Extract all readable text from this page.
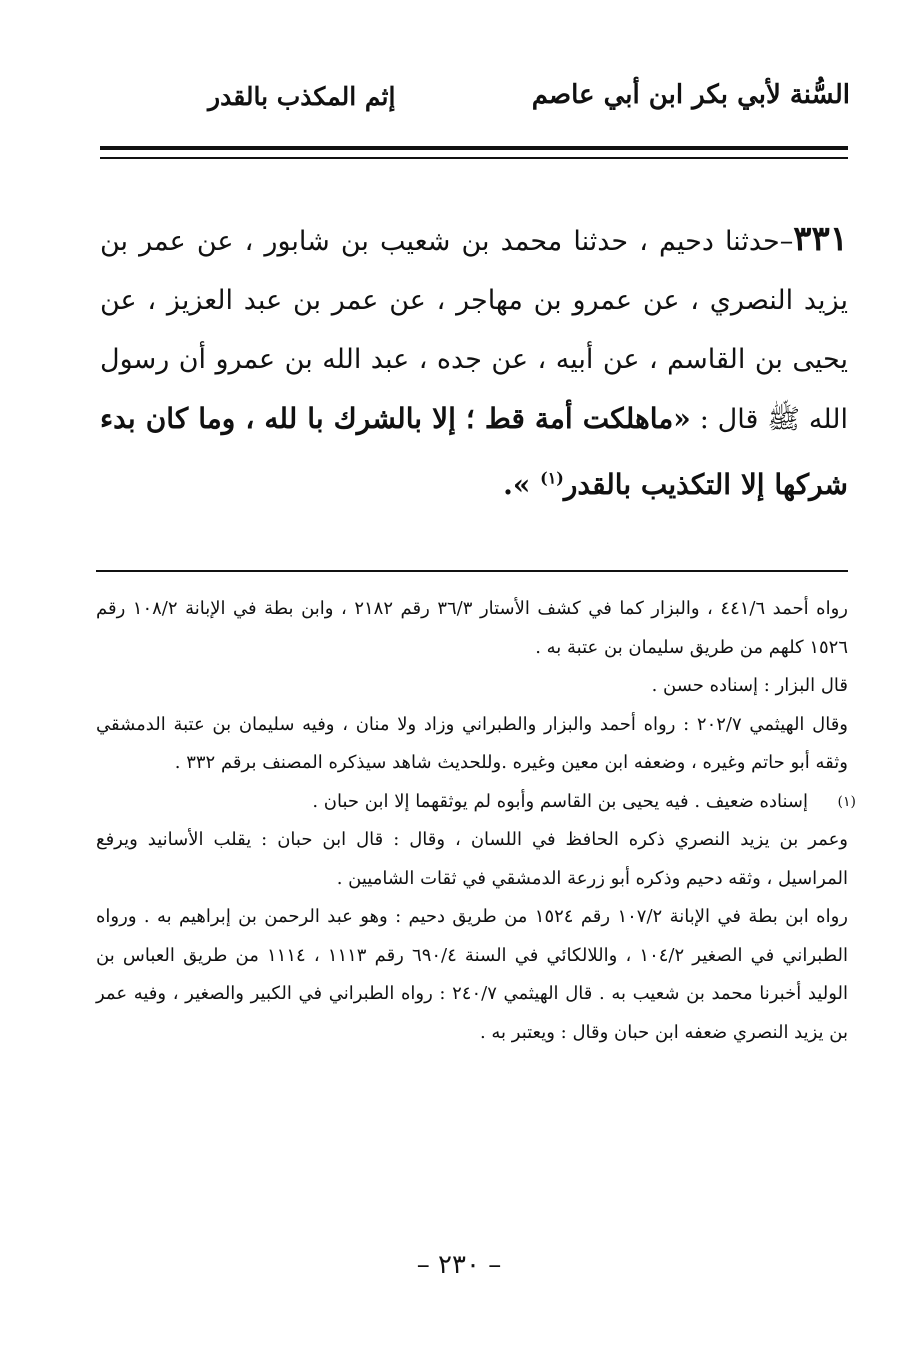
السُّنة لأبي بكر ابن أبي عاصم
إثم المكذب بالقدر
٣٣١–حدثنا دحيم ، حدثنا محمد بن شعيب بن شابور ، عن عمر بن يزيد النصري ، عن عمرو بن مهاجر ، عن عمر بن عبد العزيز ، عن يحيى بن القاسم ، عن أبيه ، عن جده ، عبد الله بن عمرو أن رسول الله ﷺ قال : «ماهلكت أمة قط ؛ إلا بالشرك با لله ، وما كان بدء شركها إلا التكذيب بالقدر$^{(١)}$ ».

رواه أحمد ٤٤١/٦ ، والبزار كما في كشف الأستار ٣٦/٣ رقم ٢١٨٢ ، وابن بطة في الإبانة ١٠٨/٢ رقم ١٥٢٦ كلهم من طريق سليمان بن عتبة به .

قال البزار : إسناده حسن .

وقال الهيثمي ٢٠٢/٧ : رواه أحمد والبزار والطبراني وزاد ولا منان ، وفيه سليمان بن عتبة الدمشقي وثقه أبو حاتم وغيره ، وضعفه ابن معين وغيره .وللحديث شاهد سيذكره المصنف برقم ٣٣٢ .

(١)
إسناده ضعيف . فيه يحيى بن القاسم وأبوه لم يوثقهما إلا ابن حبان .

وعمر بن يزيد النصري ذكره الحافظ في اللسان ، وقال : قال ابن حبان : يقلب الأسانيد ويرفع المراسيل ، وثقه دحيم وذكره أبو زرعة الدمشقي في ثقات الشاميين .

رواه ابن بطة في الإبانة ١٠٧/٢ رقم ١٥٢٤ من طريق دحيم : وهو عبد الرحمن بن إبراهيم به . ورواه الطبراني في الصغير ١٠٤/٢ ، واللالكائي في السنة ٦٩٠/٤ رقم ١١١٣ ، ١١١٤ من طريق العباس بن الوليد أخبرنا محمد بن شعيب به . قال الهيثمي ٢٤٠/٧ : رواه الطبراني في الكبير والصغير ، وفيه عمر بن يزيد النصري ضعفه ابن حبان وقال : ويعتبر به .

– ٢٣٠ –
